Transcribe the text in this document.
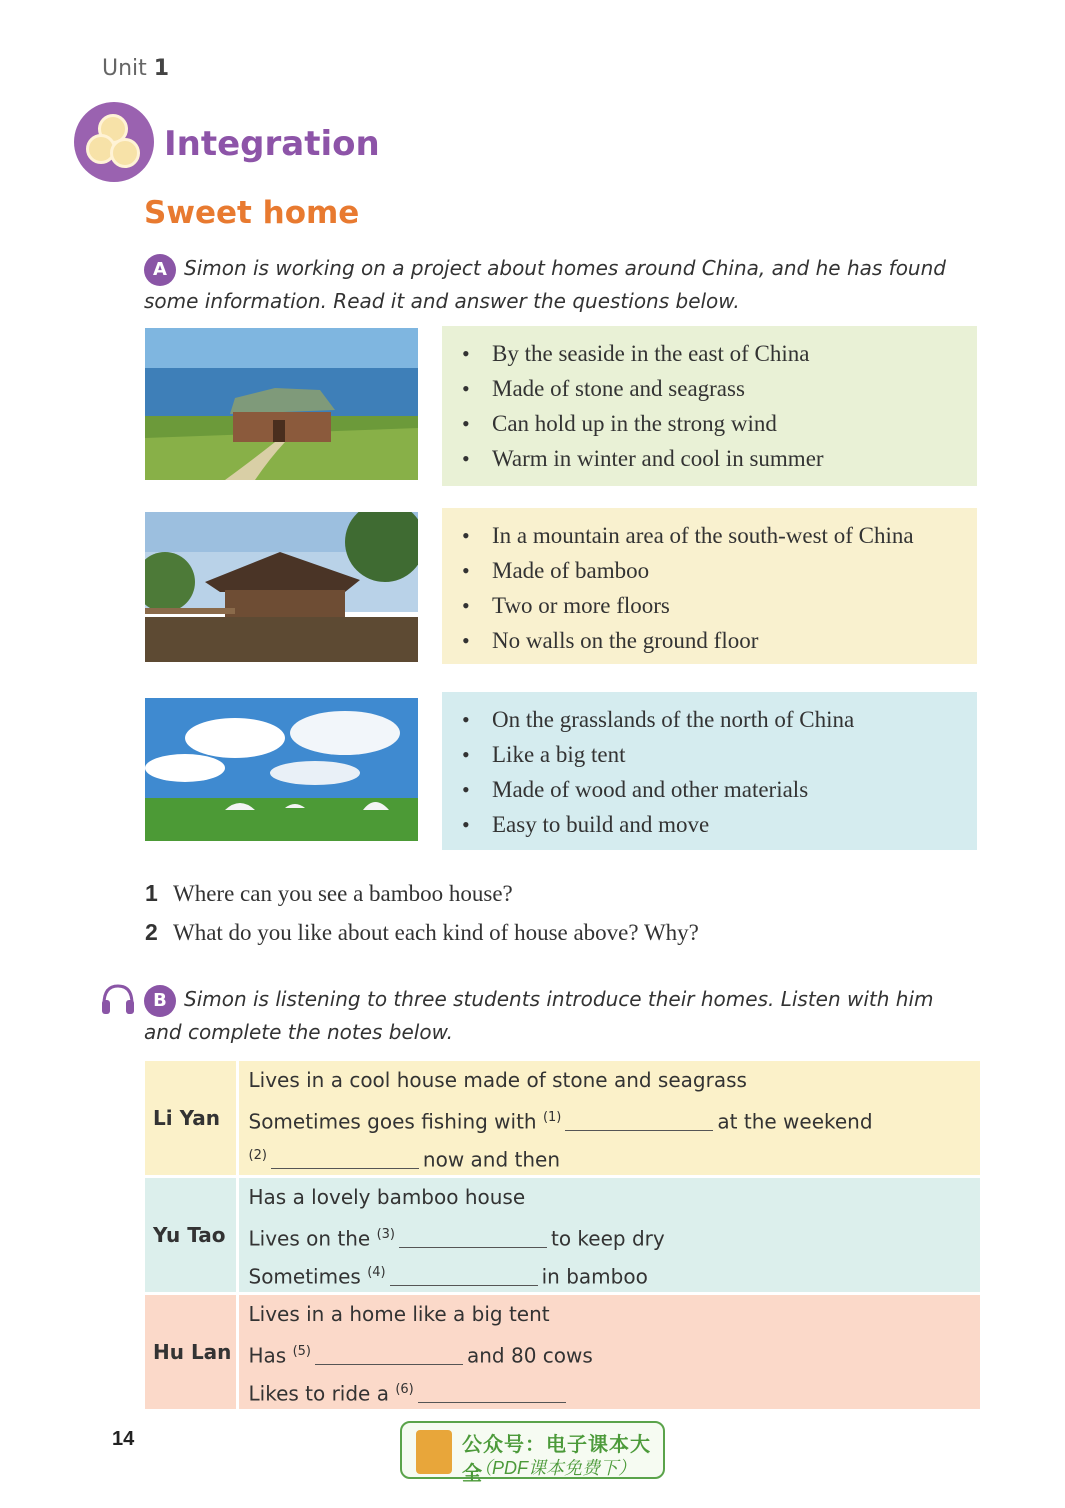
Unit 1
Integration
Sweet home
A Simon is working on a project about homes around China, and he has found some information. Read it and answer the questions below.
• By the seaside in the east of China
• Made of stone and seagrass
• Can hold up in the strong wind
• Warm in winter and cool in summer
• In a mountain area of the south-west of China
• Made of bamboo
• Two or more floors
• No walls on the ground floor
• On the grasslands of the north of China
• Like a big tent
• Made of wood and other materials
• Easy to build and move
1 Where can you see a bamboo house?
2 What do you like about each kind of house above? Why?
B Simon is listening to three students introduce their homes. Listen with him and complete the notes below.
Li Yan	Lives in a cool house made of stone and seagrass
Sometimes goes fishing with $^{(1)}$ at the weekend
$^{(2)}$ now and then

Yu Tao	Has a lovely bamboo house
Lives on the $^{(3)}$ to keep dry
Sometimes $^{(4)}$ in bamboo

Hu Lan	Lives in a home like a big tent
Has $^{(5)}$ and 80 cows
Likes to ride a $^{(6)}$
14	公众号：电子课本大全
（PDF课本免费下）
